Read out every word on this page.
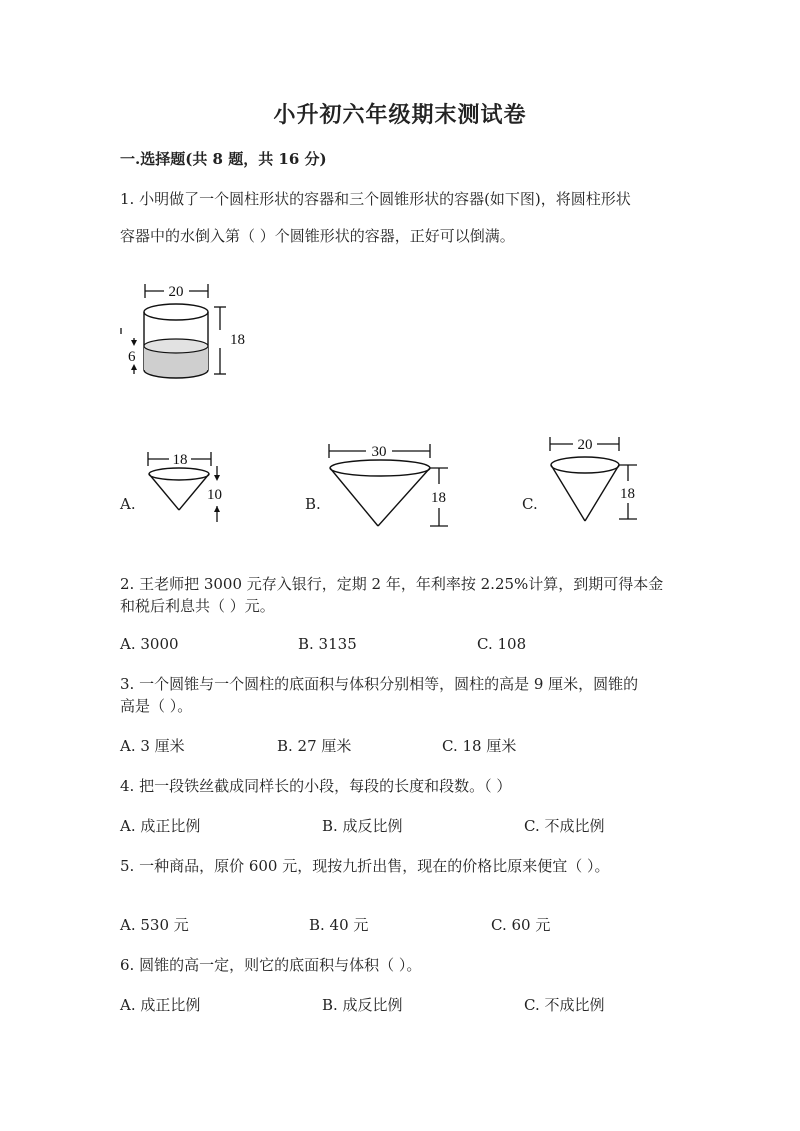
小升初六年级期末测试卷
一.选择题(共 8 题，共 16 分)
1. 小明做了一个圆柱形状的容器和三个圆锥形状的容器(如下图)，将圆柱形状
容器中的水倒入第（ ）个圆锥形状的容器，正好可以倒满。
20
18
6
A.
18
10	B.
30
18	C.
20
18
2. 王老师把 3000 元存入银行，定期 2 年，年利率按 2.25%计算，到期可得本金
和税后利息共（ ）元。
A. 3000	B. 3135	C. 108
3. 一个圆锥与一个圆柱的底面积与体积分别相等，圆柱的高是 9 厘米，圆锥的
高是（ ）。
A. 3 厘米	B. 27 厘米	C. 18 厘米
4. 把一段铁丝截成同样长的小段，每段的长度和段数。（ ）
A. 成正比例	B. 成反比例	C. 不成比例
5. 一种商品，原价 600 元，现按九折出售，现在的价格比原来便宜（ ）。
A. 530 元	B. 40 元	C. 60 元
6. 圆锥的高一定，则它的底面积与体积（ ）。
A. 成正比例	B. 成反比例	C. 不成比例
